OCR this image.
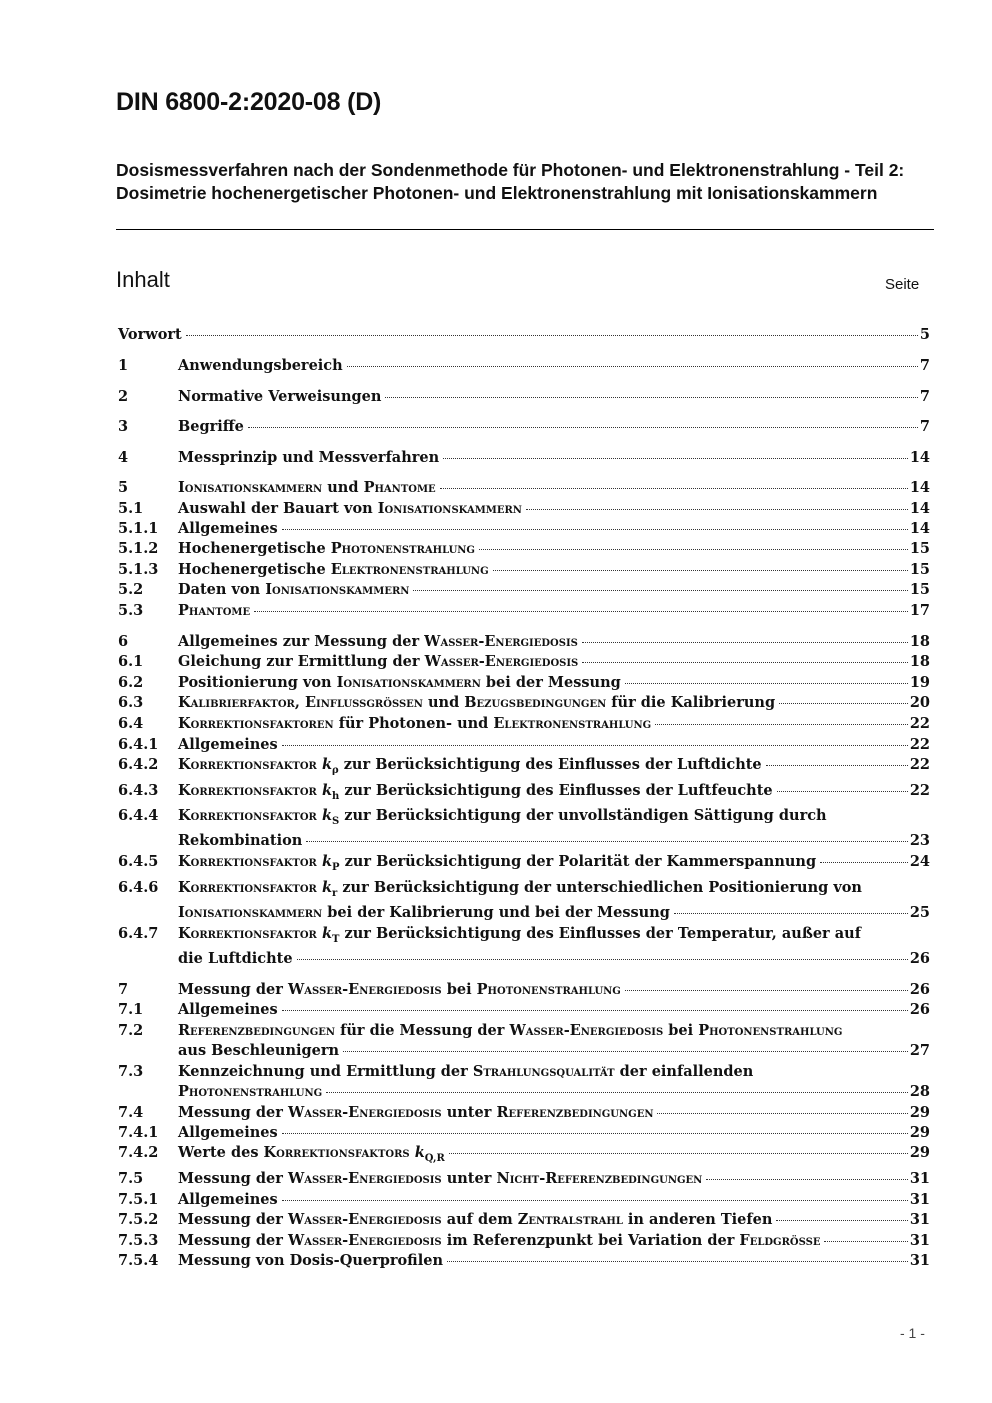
DIN 6800-2:2020-08 (D)
Dosismessverfahren nach der Sondenmethode für Photonen- und Elektronenstrahlung - Teil 2: Dosimetrie hochenergetischer Photonen- und Elektronenstrahlung mit Ionisationskammern
Inhalt	Seite
Vorwort	5
1	Anwendungsbereich	7
2	Normative Verweisungen	7
3	Begriffe	7
4	Messprinzip und Messverfahren	14
5	Ionisationskammern und Phantome	14
5.1 Auswahl der Bauart von Ionisationskammern	14
5.1.1 Allgemeines	14
5.1.2 Hochenergetische Photonenstrahlung	15
5.1.3 Hochenergetische Elektronenstrahlung	15
5.2 Daten von Ionisationskammern	15
5.3 Phantome	17
6	Allgemeines zur Messung der Wasser-Energiedosis	18
6.1 Gleichung zur Ermittlung der Wasser-Energiedosis	18
6.2 Positionierung von Ionisationskammern bei der Messung	19
6.3 Kalibrierfaktor, Einflussgrößen und Bezugsbedingungen für die Kalibrierung	20
6.4 Korrektionsfaktoren für Photonen- und Elektronenstrahlung	22
6.4.1 Allgemeines	22
6.4.2 Korrektionsfaktor $k_\rho$ zur Berücksichtigung des Einflusses der Luftdichte	22
6.4.3 Korrektionsfaktor $k_h$ zur Berücksichtigung des Einflusses der Luftfeuchte	22
6.4.4 Korrektionsfaktor $k_S$ zur Berücksichtigung der unvollständigen Sättigung durch
Rekombination	23
6.4.5 Korrektionsfaktor $k_P$ zur Berücksichtigung der Polarität der Kammerspannung	24
6.4.6 Korrektionsfaktor $k_r$ zur Berücksichtigung der unterschiedlichen Positionierung von
Ionisationskammern bei der Kalibrierung und bei der Messung	25
6.4.7 Korrektionsfaktor $k_T$ zur Berücksichtigung des Einflusses der Temperatur, außer auf
die Luftdichte	26
7	Messung der Wasser-Energiedosis bei Photonenstrahlung	26
7.1 Allgemeines	26
7.2 Referenzbedingungen für die Messung der Wasser-Energiedosis bei Photonenstrahlung
aus Beschleunigern	27
7.3 Kennzeichnung und Ermittlung der Strahlungsqualität der einfallenden
Photonenstrahlung	28
7.4 Messung der Wasser-Energiedosis unter Referenzbedingungen	29
7.4.1 Allgemeines	29
7.4.2 Werte des Korrektionsfaktors $k_{Q,R}$	29
7.5 Messung der Wasser-Energiedosis unter Nicht-Referenzbedingungen	31
7.5.1 Allgemeines	31
7.5.2 Messung der Wasser-Energiedosis auf dem Zentralstrahl in anderen Tiefen	31
7.5.3 Messung der Wasser-Energiedosis im Referenzpunkt bei Variation der Feldgröße	31
7.5.4 Messung von Dosis-Querprofilen	31
- 1 -
